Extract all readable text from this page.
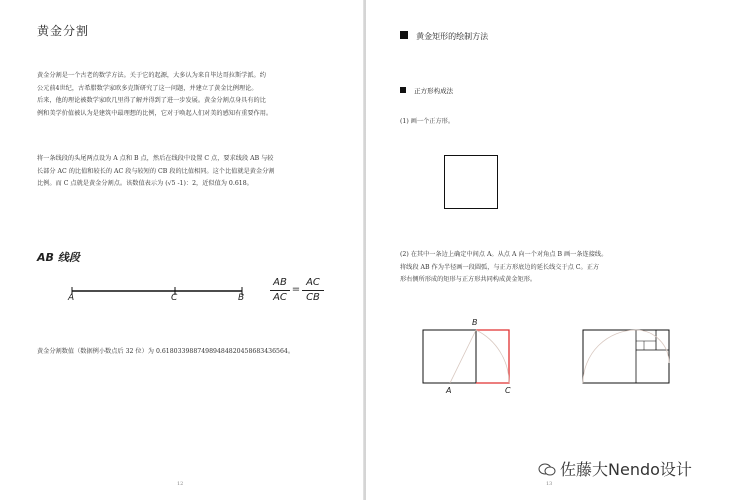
黄金分割
黄金分割是一个古老的数学方法。关于它的起源，大多认为来自毕达哥拉斯学派。约
公元前4世纪，古希腊数学家欧多克斯研究了这一问题，并建立了黄金比例理论。
后来，他的理论被数学家欧几里得了解并得到了进一步发展。黄金分割点身具有的比
例和美学价值被认为是建筑中最理想的比例，它对于唤起人们对美的感知有重要作用。
将一条线段的头尾两点设为 A 点和 B 点，然后在线段中设置 C 点，要求线段 AB 与较
长部分 AC 的比值和较长的 AC 段与较短的 CB 段的比值相同。这个比值就是黄金分割
比例。而 C 点就是黄金分割点。该数值表示为 (√5 -1)：2，近似值为 0.618。
AB 线段
A	C	B
AB
AC
=
AC
CB
黄金分割数值（数据例小数点后 32 位）为 0.61803398874989484820458683436564。
12
黄金矩形的绘制方法
正方形构成法
(1) 画一个正方形。
(2) 在其中一条边上确定中间点 A。从点 A 向一个对角点 B 画一条连接线。
将线段 AB 作为半径画一段圆弧，与正方形底边的延长线交于点 C。正方
形右侧所形成的矩形与正方形共同构成黄金矩形。
B
A	C
13
佐藤大Nendo设计
